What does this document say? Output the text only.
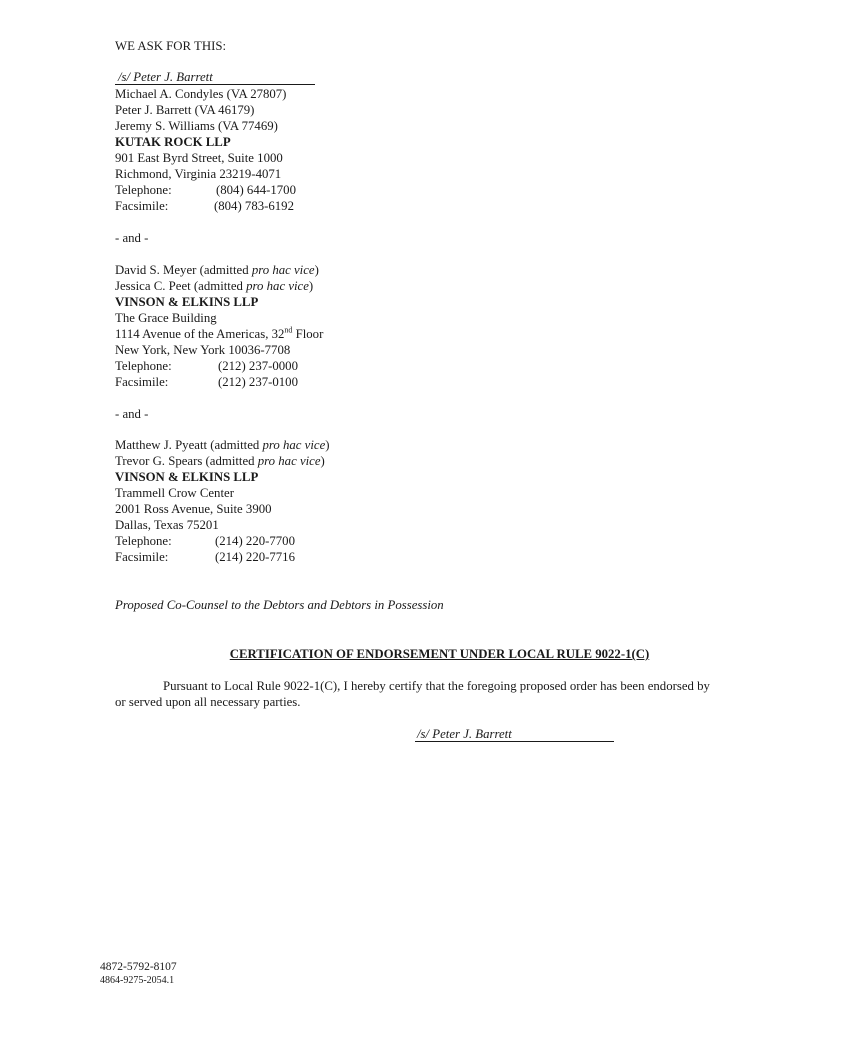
WE ASK FOR THIS:
/s/ Peter J. Barrett
Michael A. Condyles (VA 27807)
Peter J. Barrett (VA 46179)
Jeremy S. Williams (VA 77469)
KUTAK ROCK LLP
901 East Byrd Street, Suite 1000
Richmond, Virginia 23219-4071
Telephone:	(804) 644-1700
Facsimile:	(804) 783-6192
- and -
David S. Meyer (admitted pro hac vice)
Jessica C. Peet (admitted pro hac vice)
VINSON & ELKINS LLP
The Grace Building
1114 Avenue of the Americas, 32nd Floor
New York, New York 10036-7708
Telephone:	(212) 237-0000
Facsimile:	(212) 237-0100
- and -
Matthew J. Pyeatt (admitted pro hac vice)
Trevor G. Spears (admitted pro hac vice)
VINSON & ELKINS LLP
Trammell Crow Center
2001 Ross Avenue, Suite 3900
Dallas, Texas 75201
Telephone:	(214) 220-7700
Facsimile:	(214) 220-7716
Proposed Co-Counsel to the Debtors and Debtors in Possession
CERTIFICATION OF ENDORSEMENT UNDER LOCAL RULE 9022-1(C)
Pursuant to Local Rule 9022-1(C), I hereby certify that the foregoing proposed order has been endorsed by
or served upon all necessary parties.
/s/ Peter J. Barrett
4872-5792-8107
4864-9275-2054.1
